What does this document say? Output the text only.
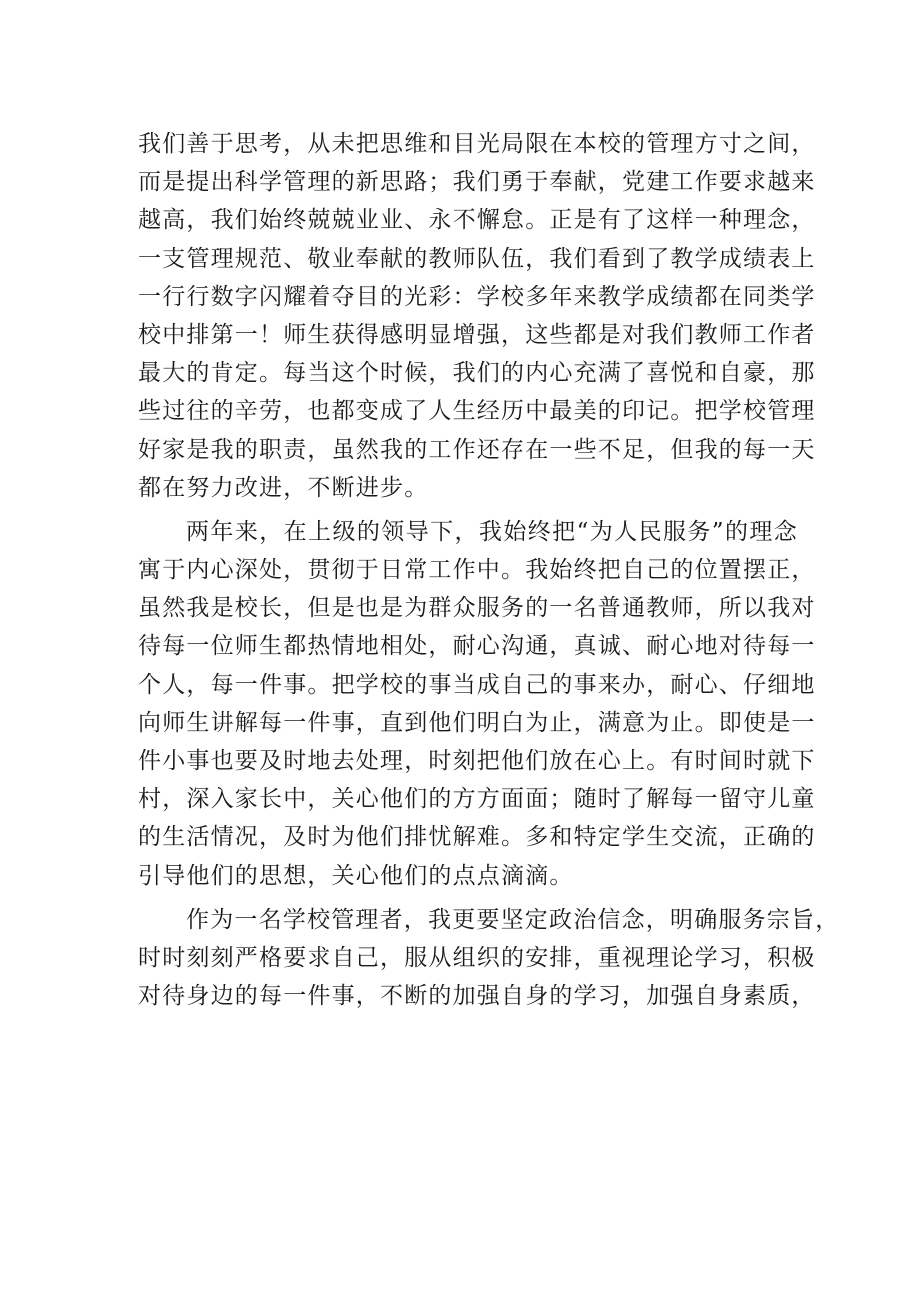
我们善于思考，从未把思维和目光局限在本校的管理方寸之间，
而是提出科学管理的新思路；我们勇于奉献，党建工作要求越来
越高，我们始终兢兢业业、永不懈怠。正是有了这样一种理念，
一支管理规范、敬业奉献的教师队伍，我们看到了教学成绩表上
一行行数字闪耀着夺目的光彩：学校多年来教学成绩都在同类学
校中排第一！师生获得感明显增强，这些都是对我们教师工作者
最大的肯定。每当这个时候，我们的内心充满了喜悦和自豪，那
些过往的辛劳，也都变成了人生经历中最美的印记。把学校管理
好家是我的职责，虽然我的工作还存在一些不足，但我的每一天
都在努力改进，不断进步。
两年来，在上级的领导下，我始终把“为人民服务”的理念
寓于内心深处，贯彻于日常工作中。我始终把自己的位置摆正，
虽然我是校长，但是也是为群众服务的一名普通教师，所以我对
待每一位师生都热情地相处，耐心沟通，真诚、耐心地对待每一
个人，每一件事。把学校的事当成自己的事来办，耐心、仔细地
向师生讲解每一件事，直到他们明白为止，满意为止。即使是一
件小事也要及时地去处理，时刻把他们放在心上。有时间时就下
村，深入家长中，关心他们的方方面面；随时了解每一留守儿童
的生活情况，及时为他们排忧解难。多和特定学生交流，正确的
引导他们的思想，关心他们的点点滴滴。
作为一名学校管理者，我更要坚定政治信念，明确服务宗旨，
时时刻刻严格要求自己，服从组织的安排，重视理论学习，积极
对待身边的每一件事，不断的加强自身的学习，加强自身素质，
